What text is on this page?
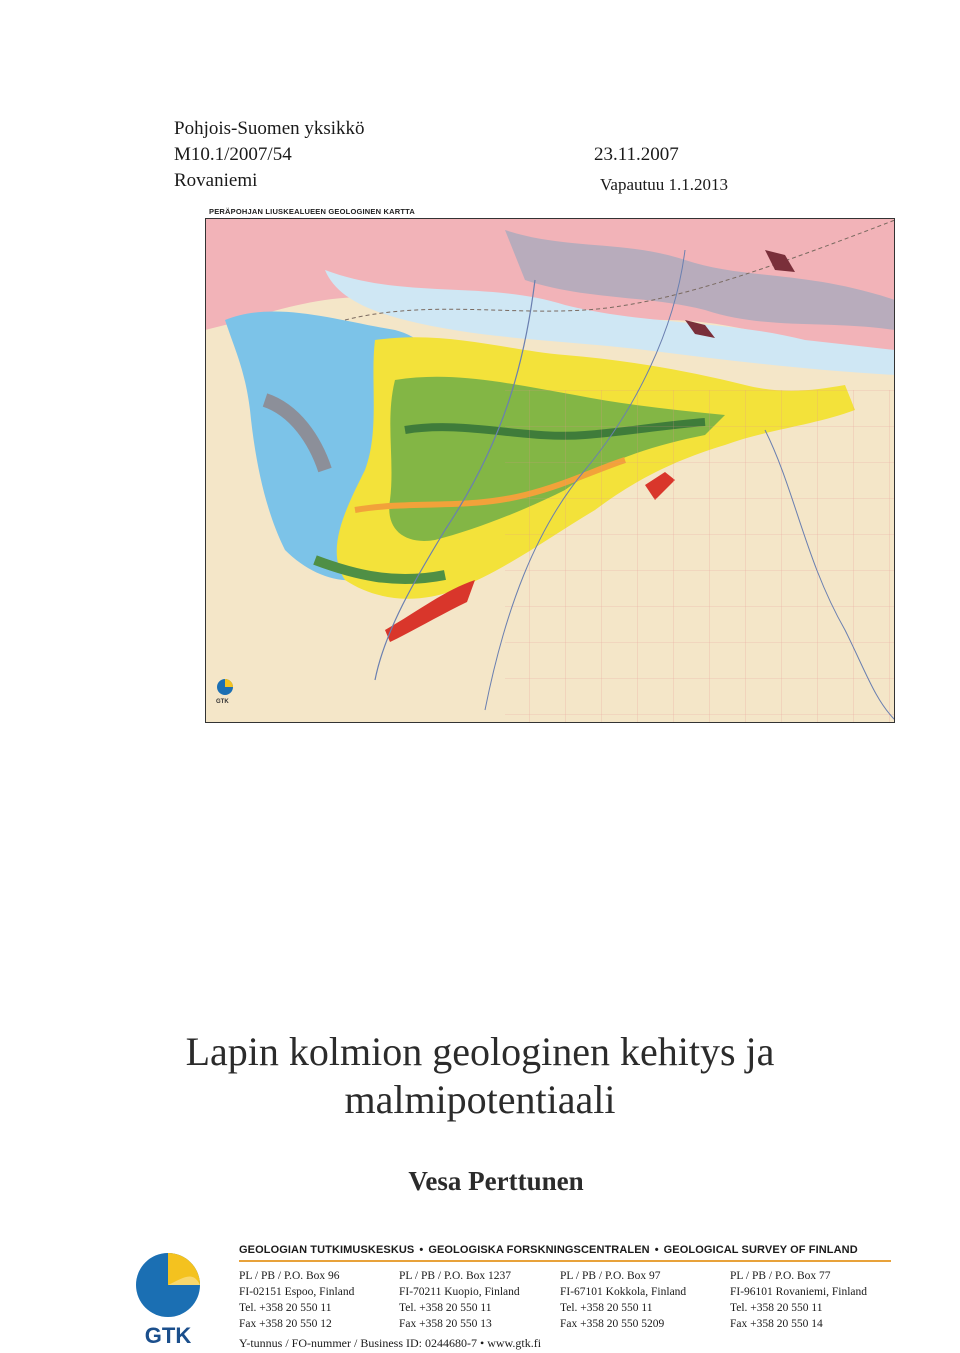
Pohjois-Suomen yksikkö
M10.1/2007/54
Rovaniemi
23.11.2007
Vapautuu 1.1.2013
PERÄPOHJAN LIUSKEALUEEN GEOLOGINEN KARTTA
GTK
Lapin kolmion geologinen kehitys ja
malmipotentiaali
Vesa Perttunen
GTK
GEOLOGIAN TUTKIMUSKESKUS • GEOLOGISKA FORSKNINGSCENTRALEN • GEOLOGICAL SURVEY OF FINLAND
PL / PB / P.O. Box 96
FI-02151 Espoo, Finland
Tel. +358 20 550 11
Fax +358 20 550 12
PL / PB / P.O. Box 1237
FI-70211 Kuopio, Finland
Tel. +358 20 550 11
Fax +358 20 550 13
PL / PB / P.O. Box 97
FI-67101 Kokkola, Finland
Tel. +358 20 550 11
Fax +358 20 550 5209
PL / PB / P.O. Box 77
FI-96101 Rovaniemi, Finland
Tel. +358 20 550 11
Fax +358 20 550 14
Y-tunnus / FO-nummer / Business ID: 0244680-7 • www.gtk.fi
